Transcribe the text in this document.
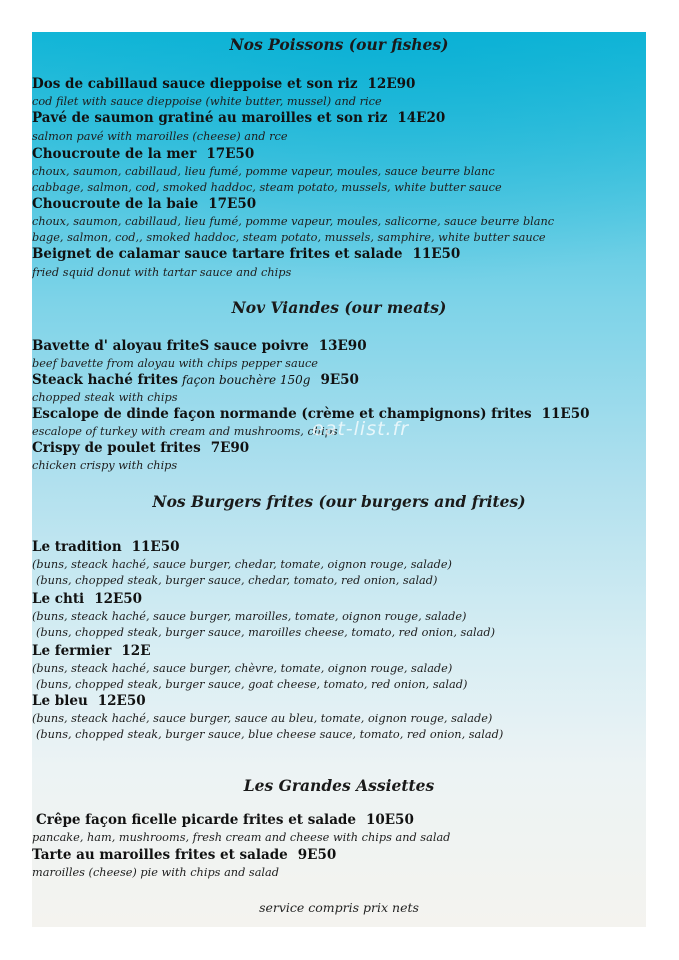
Nos Poissons (our fishes)

Dos de cabillaud sauce dieppoise et son riz 12E90

cod filet with sauce dieppoise (white butter, mussel) and rice

Pavé de saumon gratiné au maroilles et son riz 14E20

salmon pavé with maroilles (cheese) and rce

Choucroute de la mer 17E50

choux, saumon, cabillaud, lieu fumé, pomme vapeur, moules, sauce beurre blanc

cabbage, salmon, cod, smoked haddoc, steam potato, mussels, white butter sauce

Choucroute de la baie 17E50

choux, saumon, cabillaud, lieu fumé, pomme vapeur, moules, salicorne, sauce beurre blanc

bage, salmon, cod,, smoked haddoc, steam potato, mussels, samphire, white butter sauce

Beignet de calamar sauce tartare frites et salade 11E50

fried squid donut with tartar sauce and chips

Nov Viandes (our meats)

Bavette d' aloyau friteS sauce poivre 13E90

beef bavette from aloyau with chips pepper sauce

Steack haché frites façon bouchère 150g 9E50

chopped steak with chips

Escalope de dinde façon normande (crème et champignons) frites 11E50

escalope of turkey with cream and mushrooms, chips

Crispy de poulet frites 7E90

chicken crispy with chips

Nos Burgers frites (our burgers and frites)

Le tradition 11E50

(buns, steack haché, sauce burger, chedar, tomate, oignon rouge, salade)

(buns, chopped steak, burger sauce, chedar, tomato, red onion, salad)

Le chti 12E50

(buns, steack haché, sauce burger, maroilles, tomate, oignon rouge, salade)

(buns, chopped steak, burger sauce, maroilles cheese, tomato, red onion, salad)

Le fermier 12E

(buns, steack haché, sauce burger, chèvre, tomate, oignon rouge, salade)

(buns, chopped steak, burger sauce, goat cheese, tomato, red onion, salad)

Le bleu 12E50

(buns, steack haché, sauce burger, sauce au bleu, tomate, oignon rouge, salade)

(buns, chopped steak, burger sauce, blue cheese sauce, tomato, red onion, salad)

Les Grandes Assiettes

Crêpe façon ficelle picarde frites et salade 10E50

pancake, ham, mushrooms, fresh cream and cheese with chips and salad

Tarte au maroilles frites et salade 9E50

maroilles (cheese) pie with chips and salad

service compris prix nets

eat-list.fr
